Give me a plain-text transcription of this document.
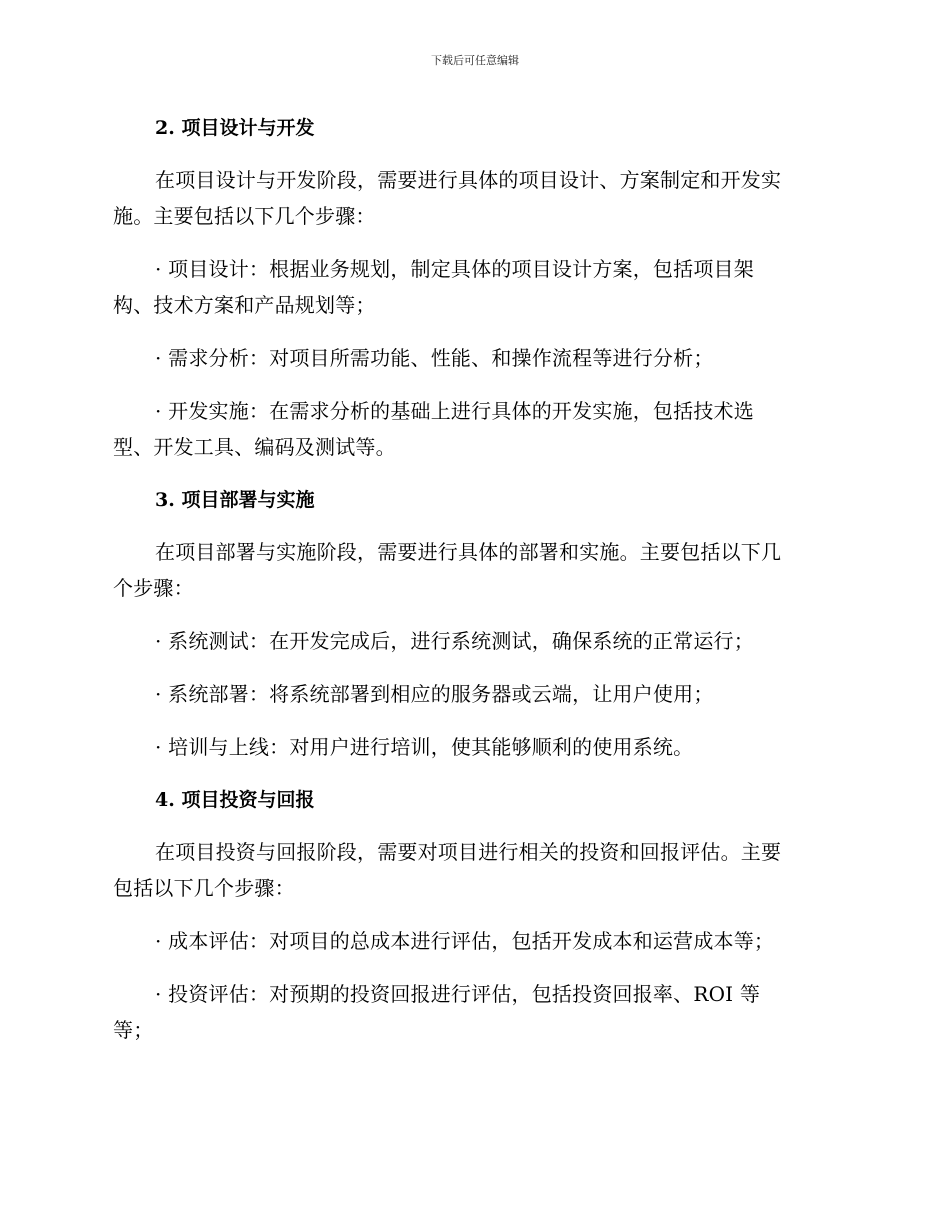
下载后可任意编辑
2. 项目设计与开发

在项目设计与开发阶段，需要进行具体的项目设计、方案制定和开发实
施。主要包括以下几个步骤：

· 项目设计：根据业务规划，制定具体的项目设计方案，包括项目架
构、技术方案和产品规划等；

· 需求分析：对项目所需功能、性能、和操作流程等进行分析；

· 开发实施：在需求分析的基础上进行具体的开发实施，包括技术选
型、开发工具、编码及测试等。

3. 项目部署与实施

在项目部署与实施阶段，需要进行具体的部署和实施。主要包括以下几
个步骤：

· 系统测试：在开发完成后，进行系统测试，确保系统的正常运行；

· 系统部署：将系统部署到相应的服务器或云端，让用户使用；

· 培训与上线：对用户进行培训，使其能够顺利的使用系统。

4. 项目投资与回报

在项目投资与回报阶段，需要对项目进行相关的投资和回报评估。主要
包括以下几个步骤：

· 成本评估：对项目的总成本进行评估，包括开发成本和运营成本等；

· 投资评估：对预期的投资回报进行评估，包括投资回报率、ROI 等
等；
